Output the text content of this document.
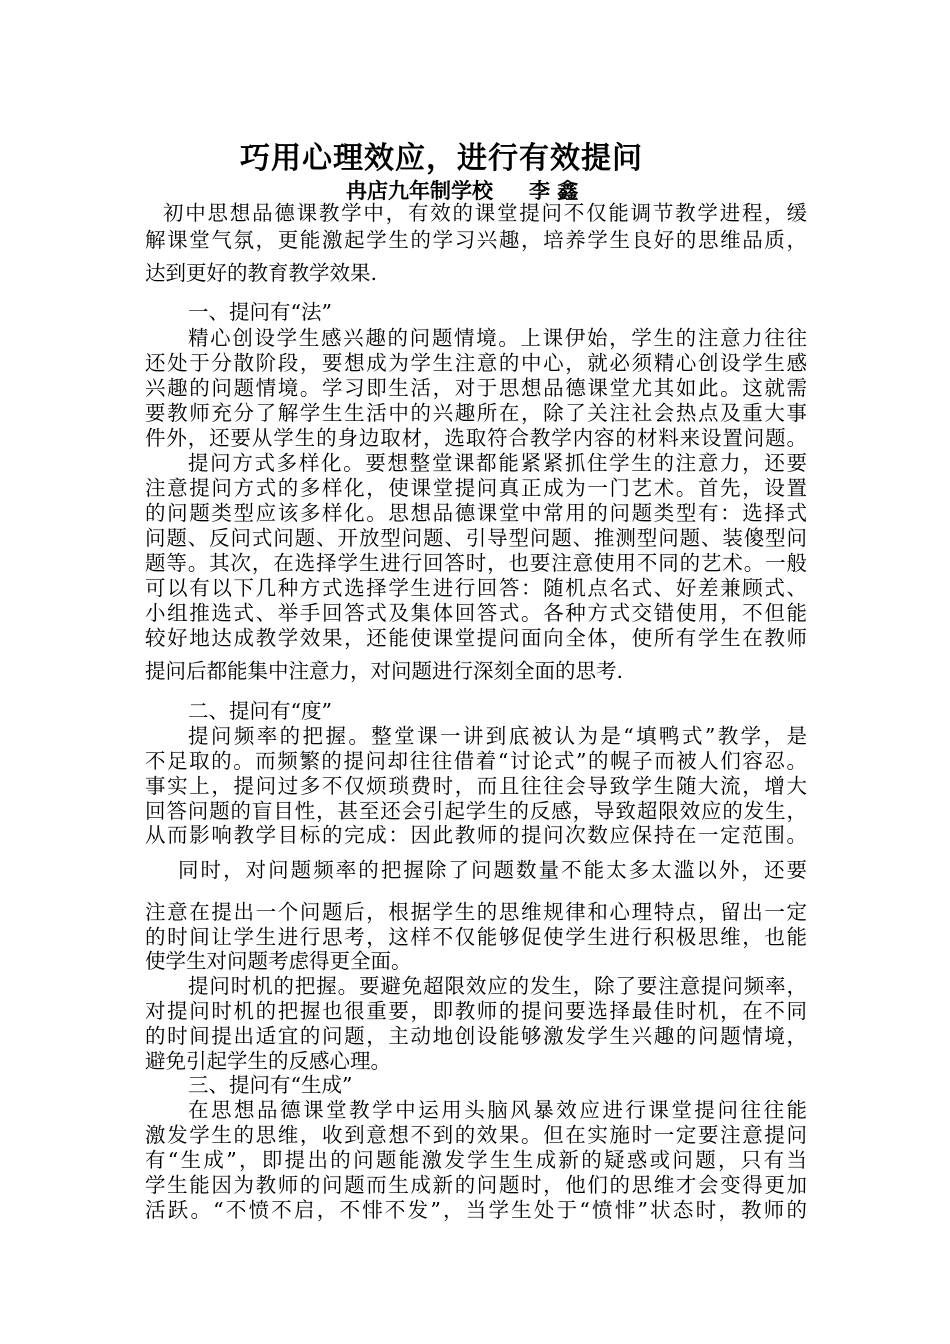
巧用心理效应，进行有效提问
冉店九年制学校 李 鑫
初中思想品德课教学中，有效的课堂提问不仅能调节教学进程，缓
解课堂气氛，更能激起学生的学习兴趣，培养学生良好的思维品质，
达到更好的教育教学效果.
一、提问有“法”
精心创设学生感兴趣的问题情境。上课伊始，学生的注意力往往
还处于分散阶段，要想成为学生注意的中心，就必须精心创设学生感
兴趣的问题情境。学习即生活，对于思想品德课堂尤其如此。这就需
要教师充分了解学生生活中的兴趣所在，除了关注社会热点及重大事
件外，还要从学生的身边取材，选取符合教学内容的材料来设置问题。
提问方式多样化。要想整堂课都能紧紧抓住学生的注意力，还要
注意提问方式的多样化，使课堂提问真正成为一门艺术。首先，设置
的问题类型应该多样化。思想品德课堂中常用的问题类型有：选择式
问题、反问式问题、开放型问题、引导型问题、推测型问题、装傻型问
题等。其次，在选择学生进行回答时，也要注意使用不同的艺术。一般
可以有以下几种方式选择学生进行回答：随机点名式、好差兼顾式、
小组推选式、举手回答式及集体回答式。各种方式交错使用，不但能
较好地达成教学效果，还能使课堂提问面向全体，使所有学生在教师
提问后都能集中注意力，对问题进行深刻全面的思考.
二、提问有“度”
提问频率的把握。整堂课一讲到底被认为是“填鸭式”教学，是
不足取的。而频繁的提问却往往借着“讨论式”的幌子而被人们容忍。
事实上，提问过多不仅烦琐费时，而且往往会导致学生随大流，增大
回答问题的盲目性，甚至还会引起学生的反感，导致超限效应的发生，
从而影响教学目标的完成：因此教师的提问次数应保持在一定范围。
同时，对问题频率的把握除了问题数量不能太多太滥以外，还要
注意在提出一个问题后，根据学生的思维规律和心理特点，留出一定
的时间让学生进行思考，这样不仅能够促使学生进行积极思维，也能
使学生对问题考虑得更全面。
提问时机的把握。要避免超限效应的发生，除了要注意提问频率，
对提问时机的把握也很重要，即教师的提问要选择最佳时机，在不同
的时间提出适宜的问题，主动地创设能够激发学生兴趣的问题情境，
避免引起学生的反感心理。
三、提问有“生成”
在思想品德课堂教学中运用头脑风暴效应进行课堂提问往往能
激发学生的思维，收到意想不到的效果。但在实施时一定要注意提问
有“生成”，即提出的问题能激发学生生成新的疑惑或问题，只有当
学生能因为教师的问题而生成新的问题时，他们的思维才会变得更加
活跃。“不愤不启，不悱不发”，当学生处于“愤悱”状态时，教师的
